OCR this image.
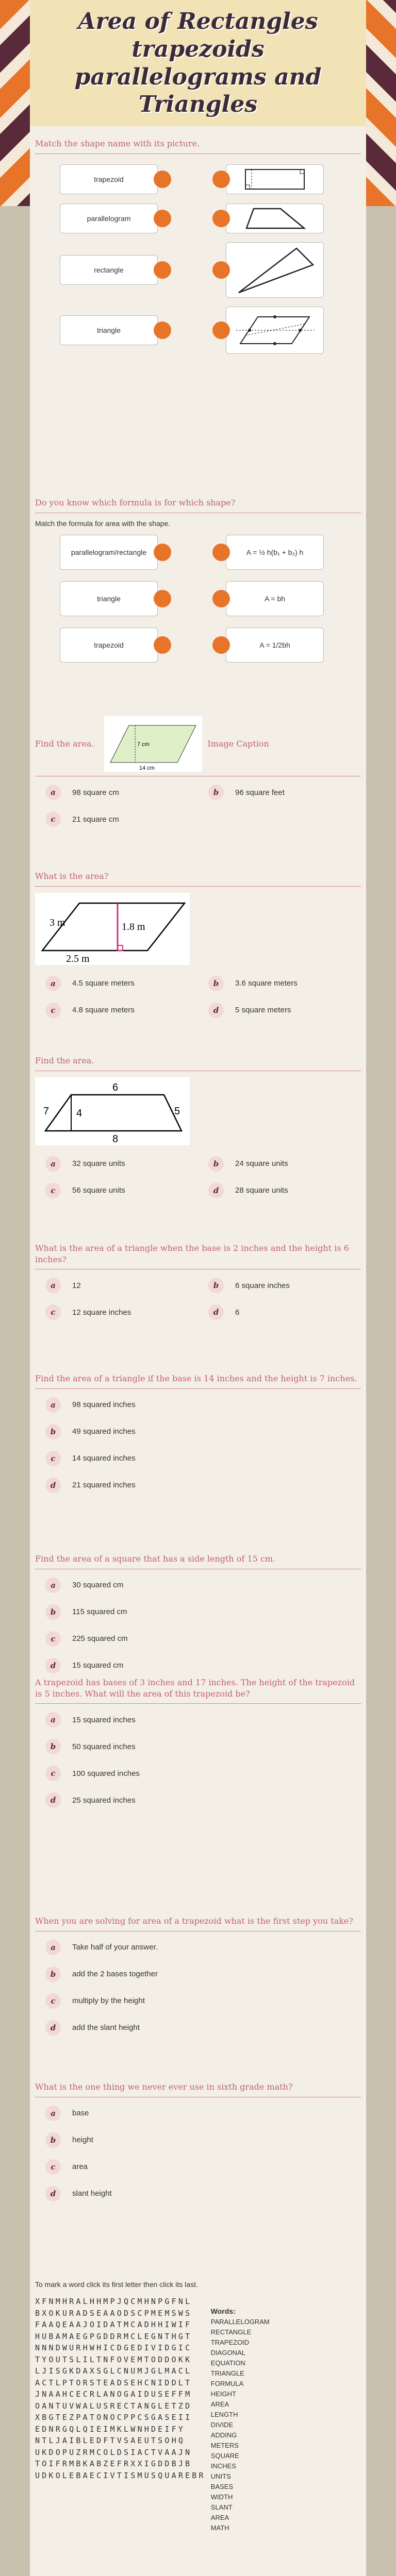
Area of Rectangles trapezoids parallelograms and Triangles
Match the shape name with its picture.
trapezoid
parallelogram
rectangle
triangle
Do you know which formula is for which shape?
Match the formula for area with the shape.
parallelogram/rectangle	A = ½ h(b₁ + b₂) h
triangle	A = bh
trapezoid	A = 1/2bh
Find the area.	7 cm
14 cm
Image Caption
a	98 square cm	b	96 square feet
c	21 square cm
What is the area?
3 m	1.8 m
2.5 m
a	4.5 square meters	b	3.6 square meters
c	4.8 square meters	d	5 square meters
Find the area.
6
7	4	5
8
a	32 square units	b	24 square units
c	56 square units	d	28 square units
What is the area of a triangle when the base is 2 inches and the height is 6 inches?
a	12	b	6 square inches
c	12 square inches	d	6
Find the area of a triangle if the base is 14 inches and the height is 7 inches.
a	98 squared inches
b	49 squared inches
c	14 squared inches
d	21 squared inches
Find the area of a square that has a side length of 15 cm.
a	30 squared cm
b	115 squared cm
c	225 squared cm
d	15 squared cm
A trapezoid has bases of 3 inches and 17 inches. The height of the trapezoid is 5 inches. What will the area of this trapezoid be?
a	15 squared inches
b	50 squared inches
c	100 squared inches
d	25 squared inches
When you are solving for area of a trapezoid what is the first step you take?
a	Take half of your answer.
b	add the 2 bases together
c	multiply by the height
d	add the slant height
What is the one thing we never ever use in sixth grade math?
a	base
b	height
c	area
d	slant height
To mark a word click its first letter then click its last.
XFNMHRALHHMPJQCMHNPGFNL
BXOKURADSEAAODSCPMEMSWS
FAAQEAAJOIDATMCADHHIWIF
HUBAMAEGPGDDRMCLEGNTHGT
NNNDWURHWHICDGEDIVIDGIC
TYOUTSLILTNFOVEMTODDOKK
LJISGKDAXSGLCNUMJGLMACL
ACTLPTORSTEADSEHCNIDDLT
JNAAHCECRLANOGAIDUSEFFM
OANTUVWALUSRECTANGLETZD
XBGTEZPATONOCPPCSGASEII
EDNRGQLQIEIMKLWNHDEIFY
NTLJAIBLEDFTVSAEUTSOHQ
UKDOPUZRMCOLDSIACTVAAJN
TOIFRMBKABZEFRXXIGDDBJB
UDKOLEBAECIVTISMUSQUAREBR
Words:
PARALLELOGRAM
RECTANGLE
TRAPEZOID
DIAGONAL
EQUATION
TRIANGLE
FORMULA
HEIGHT
AREA
LENGTH
DIVIDE
ADDING
METERS
SQUARE
INCHES
UNITS
BASES
WIDTH
SLANT
AREA
MATH
